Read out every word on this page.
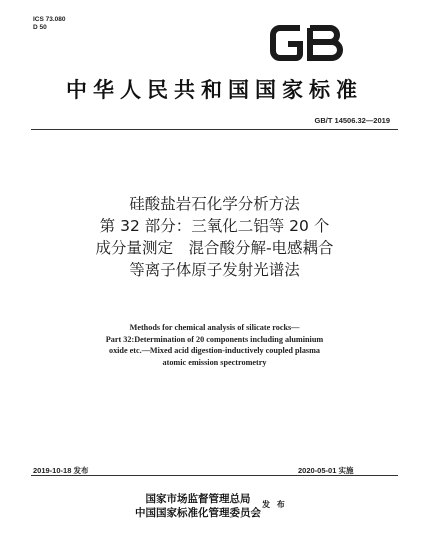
ICS 73.080
D 50
中华人民共和国国家标准
GB/T 14506.32—2019
硅酸盐岩石化学分析方法
第 32 部分：三氧化二铝等 20 个
成分量测定　混合酸分解-电感耦合
等离子体原子发射光谱法
Methods for chemical analysis of silicate rocks—
Part 32:Determination of 20 components including aluminium
oxide etc.—Mixed acid digestion-inductively coupled plasma
atomic emission spectrometry
2019-10-18 发布	2020-05-01 实施
国家市场监督管理总局
中国国家标准化管理委员会
发 布
